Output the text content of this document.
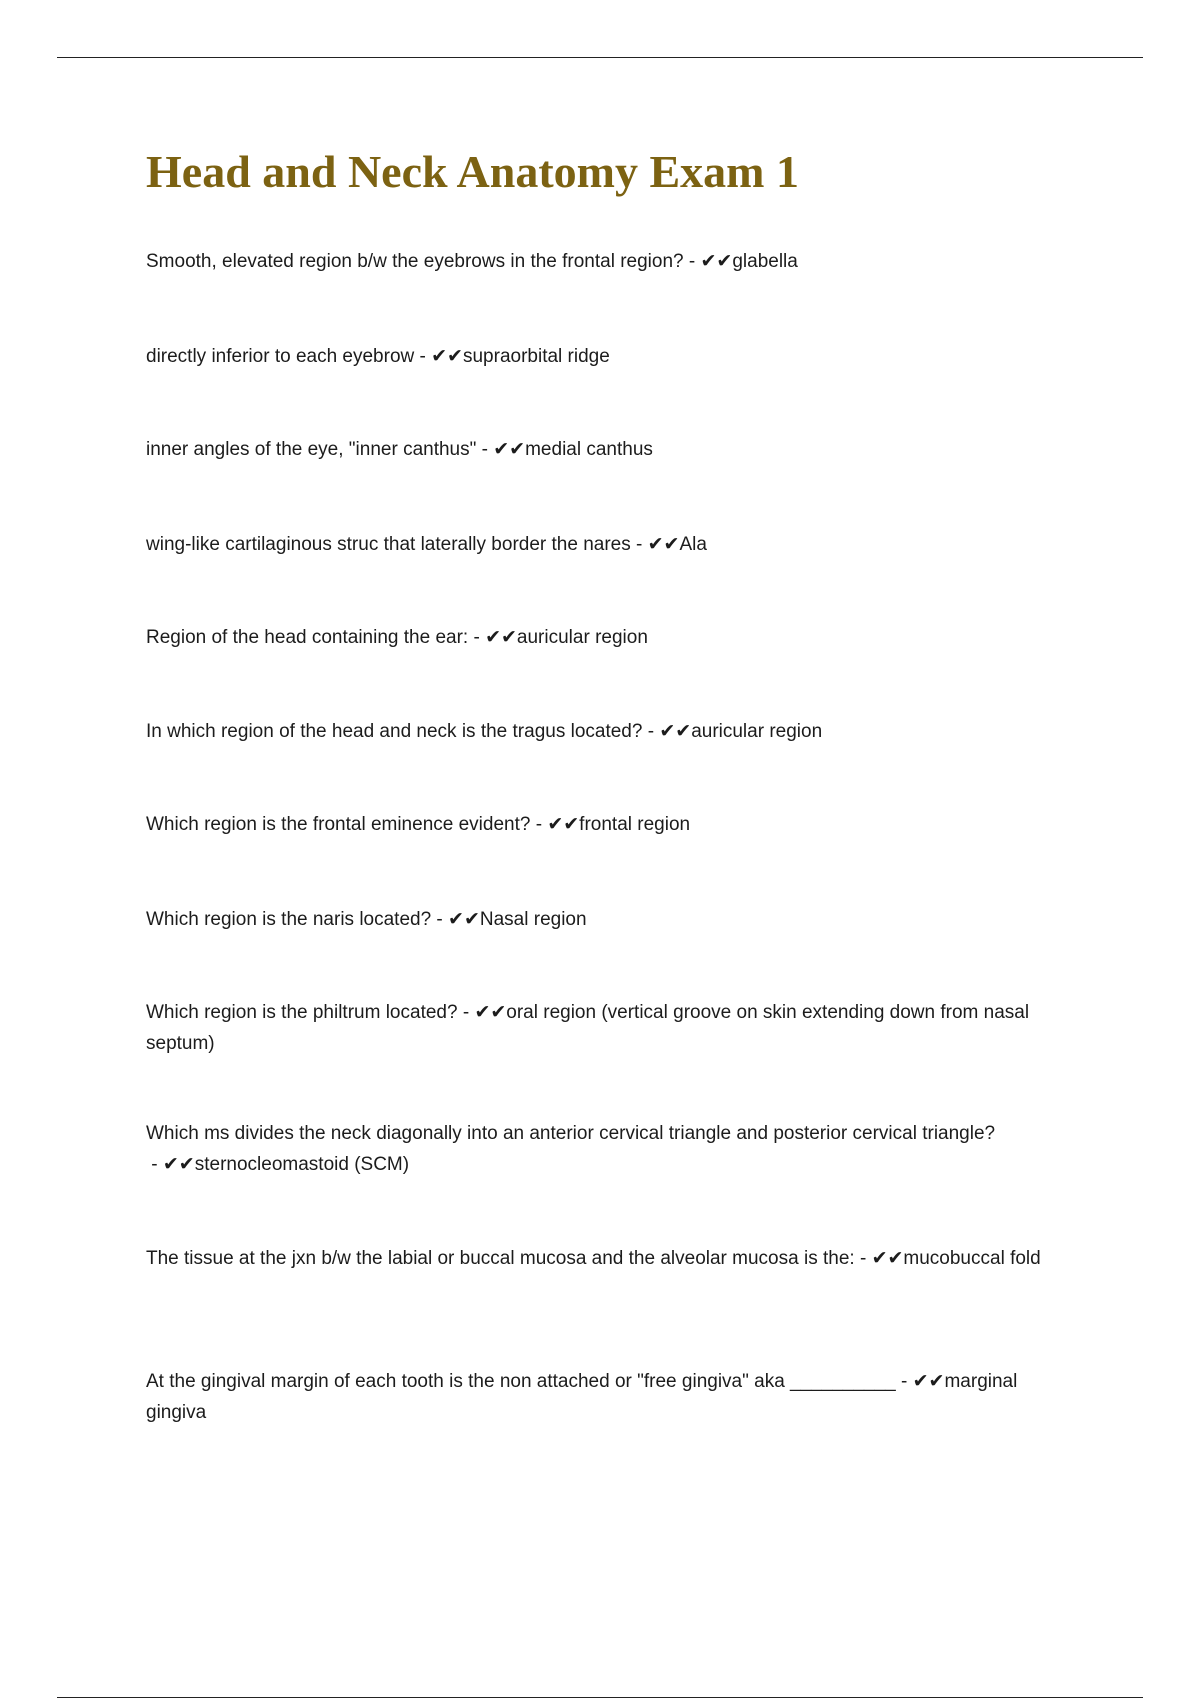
Head and Neck Anatomy Exam 1

Smooth, elevated region b/w the eyebrows in the frontal region? - ✔✔glabella

directly inferior to each eyebrow - ✔✔supraorbital ridge

inner angles of the eye, "inner canthus" - ✔✔medial canthus

wing-like cartilaginous struc that laterally border the nares - ✔✔Ala

Region of the head containing the ear: - ✔✔auricular region

In which region of the head and neck is the tragus located? - ✔✔auricular region

Which region is the frontal eminence evident? - ✔✔frontal region

Which region is the naris located? - ✔✔Nasal region

Which region is the philtrum located? - ✔✔oral region (vertical groove on skin extending down from nasal septum)

Which ms divides the neck diagonally into an anterior cervical triangle and posterior cervical triangle? - ✔✔sternocleomastoid (SCM)

The tissue at the jxn b/w the labial or buccal mucosa and the alveolar mucosa is the: - ✔✔mucobuccal fold

At the gingival margin of each tooth is the non attached or "free gingiva" aka __________ - ✔✔marginal gingiva
